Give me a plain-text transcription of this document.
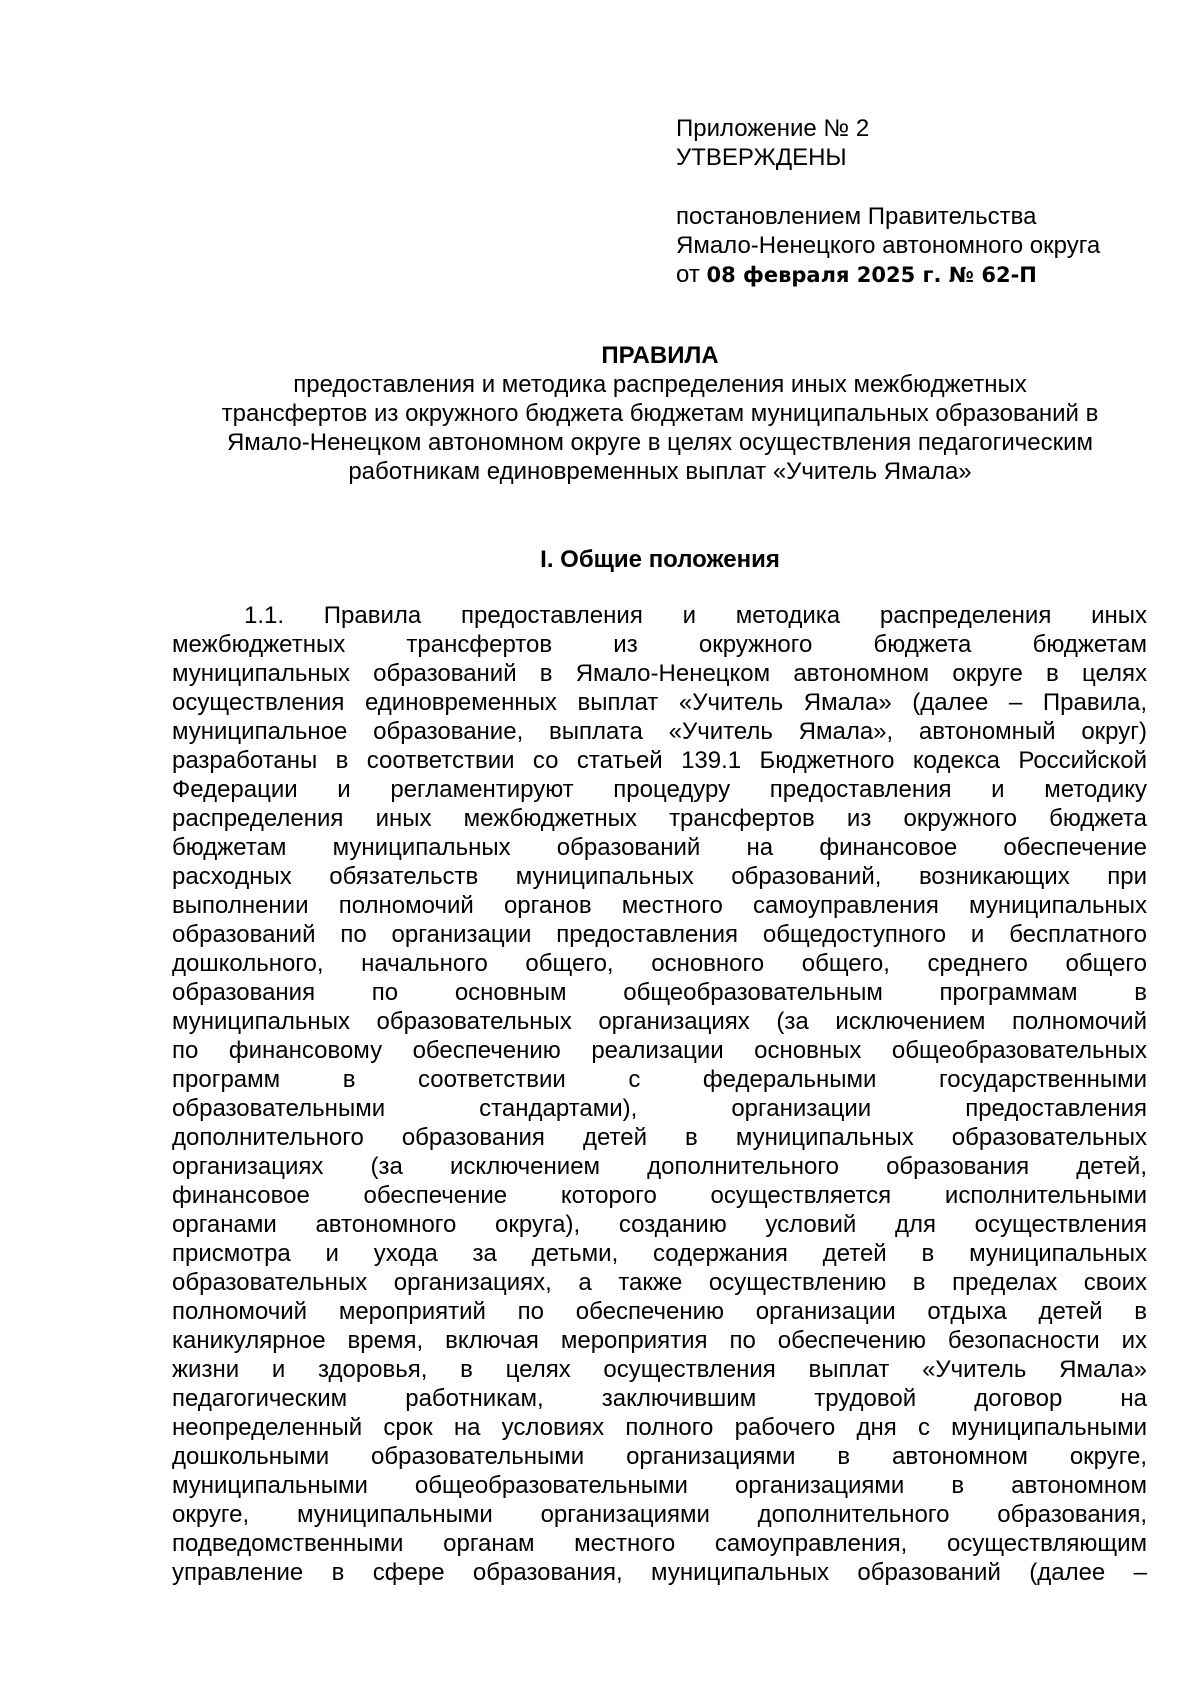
Приложение № 2
УТВЕРЖДЕНЫ
постановлением Правительства
Ямало-Ненецкого автономного округа
от 08 февраля 2025 г. № 62-П
ПРАВИЛА
предоставления и методика распределения иных межбюджетных
трансфертов из окружного бюджета бюджетам муниципальных образований в
Ямало-Ненецком автономном округе в целях осуществления педагогическим
работникам единовременных выплат «Учитель Ямала»
I. Общие положения
1.1. Правила предоставления и методика распределения иных
межбюджетных трансфертов из окружного бюджета бюджетам
муниципальных образований в Ямало-Ненецком автономном округе в целях
осуществления единовременных выплат «Учитель Ямала» (далее – Правила,
муниципальное образование, выплата «Учитель Ямала», автономный округ)
разработаны в соответствии со статьей 139.1 Бюджетного кодекса Российской
Федерации и регламентируют процедуру предоставления и методику
распределения иных межбюджетных трансфертов из окружного бюджета
бюджетам муниципальных образований на финансовое обеспечение
расходных обязательств муниципальных образований, возникающих при
выполнении полномочий органов местного самоуправления муниципальных
образований по организации предоставления общедоступного и бесплатного
дошкольного, начального общего, основного общего, среднего общего
образования по основным общеобразовательным программам в
муниципальных образовательных организациях (за исключением полномочий
по финансовому обеспечению реализации основных общеобразовательных
программ в соответствии с федеральными государственными
образовательными стандартами), организации предоставления
дополнительного образования детей в муниципальных образовательных
организациях (за исключением дополнительного образования детей,
финансовое обеспечение которого осуществляется исполнительными
органами автономного округа), созданию условий для осуществления
присмотра и ухода за детьми, содержания детей в муниципальных
образовательных организациях, а также осуществлению в пределах своих
полномочий мероприятий по обеспечению организации отдыха детей в
каникулярное время, включая мероприятия по обеспечению безопасности их
жизни и здоровья, в целях осуществления выплат «Учитель Ямала»
педагогическим работникам, заключившим трудовой договор на
неопределенный срок на условиях полного рабочего дня с муниципальными
дошкольными образовательными организациями в автономном округе,
муниципальными общеобразовательными организациями в автономном
округе, муниципальными организациями дополнительного образования,
подведомственными органам местного самоуправления, осуществляющим
управление в сфере образования, муниципальных образований (далее –
